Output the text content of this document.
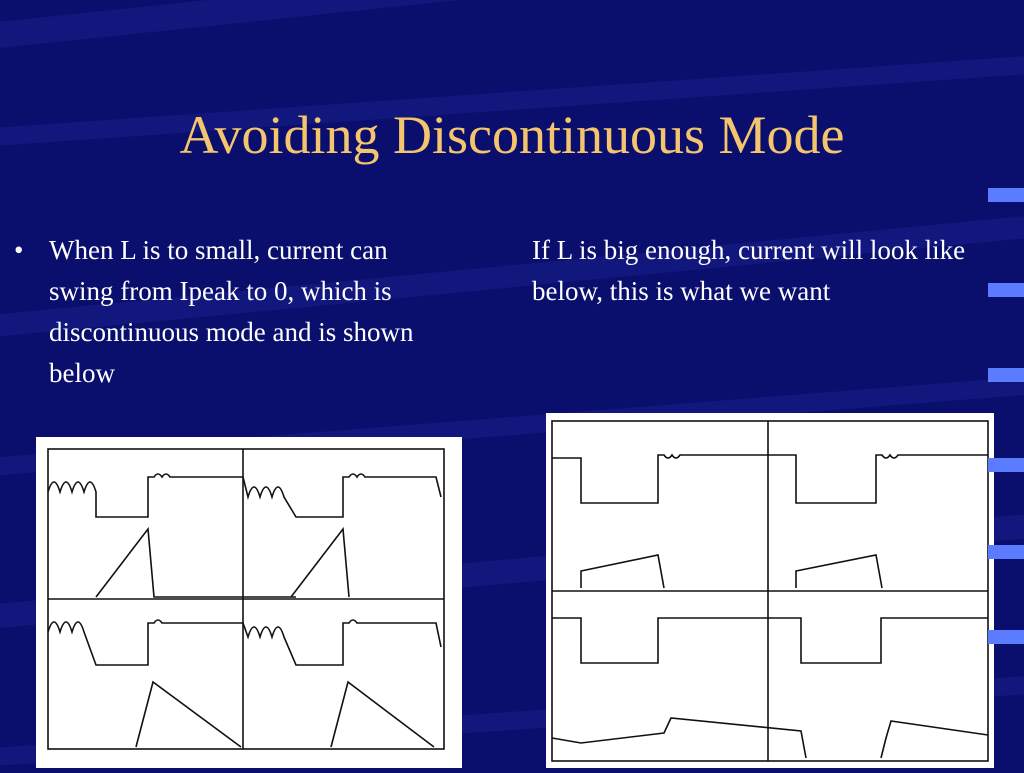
Avoiding Discontinuous Mode
• When L is to small, current can swing from Ipeak to 0, which is discontinuous mode and is shown below
If L is big enough, current will look like below, this is what we want
